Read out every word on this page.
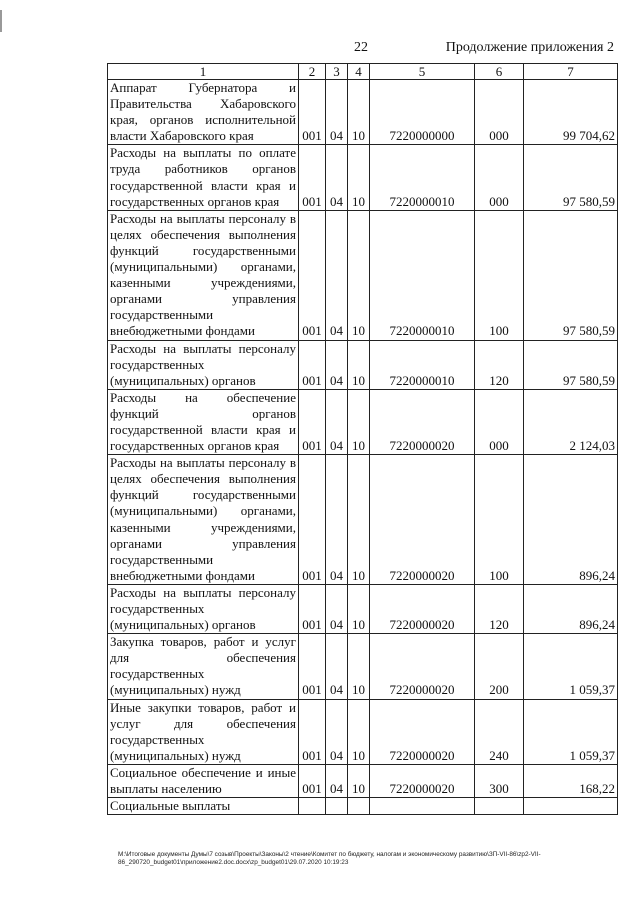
22	Продолжение приложения 2
1	2	3	4	5	6	7
Аппарат Губернатора и Правительства Хабаровского края, органов исполнительной власти Хабаровского края	001	04	10	7220000000	000	99 704,62
Расходы на выплаты по оплате труда работников органов государственной власти края и государственных органов края	001	04	10	7220000010	000	97 580,59
Расходы на выплаты персоналу в целях обеспечения выполнения функций государственными (муниципальными) органами, казенными учреждениями, органами управления государственными внебюджетными фондами	001	04	10	7220000010	100	97 580,59
Расходы на выплаты персоналу государственных (муниципальных) органов	001	04	10	7220000010	120	97 580,59
Расходы на обеспечение функций органов государственной власти края и государственных органов края	001	04	10	7220000020	000	2 124,03
Расходы на выплаты персоналу в целях обеспечения выполнения функций государственными (муниципальными) органами, казенными учреждениями, органами управления государственными внебюджетными фондами	001	04	10	7220000020	100	896,24
Расходы на выплаты персоналу государственных (муниципальных) органов	001	04	10	7220000020	120	896,24
Закупка товаров, работ и услуг для обеспечения государственных (муниципальных) нужд	001	04	10	7220000020	200	1 059,37
Иные закупки товаров, работ и услуг для обеспечения государственных (муниципальных) нужд	001	04	10	7220000020	240	1 059,37
Социальное обеспечение и иные выплаты населению	001	04	10	7220000020	300	168,22
Социальные выплаты						
M:\Итоговые документы Думы\7 созыв\Проекты\Законы\2 чтение\Комитет по бюджету, налогам и экономическому развитию\ЗП-VII-86\zp2-VII-86_290720_budget01\приложение2.doc.docx\zp_budget01\29.07.2020 10:19:23
